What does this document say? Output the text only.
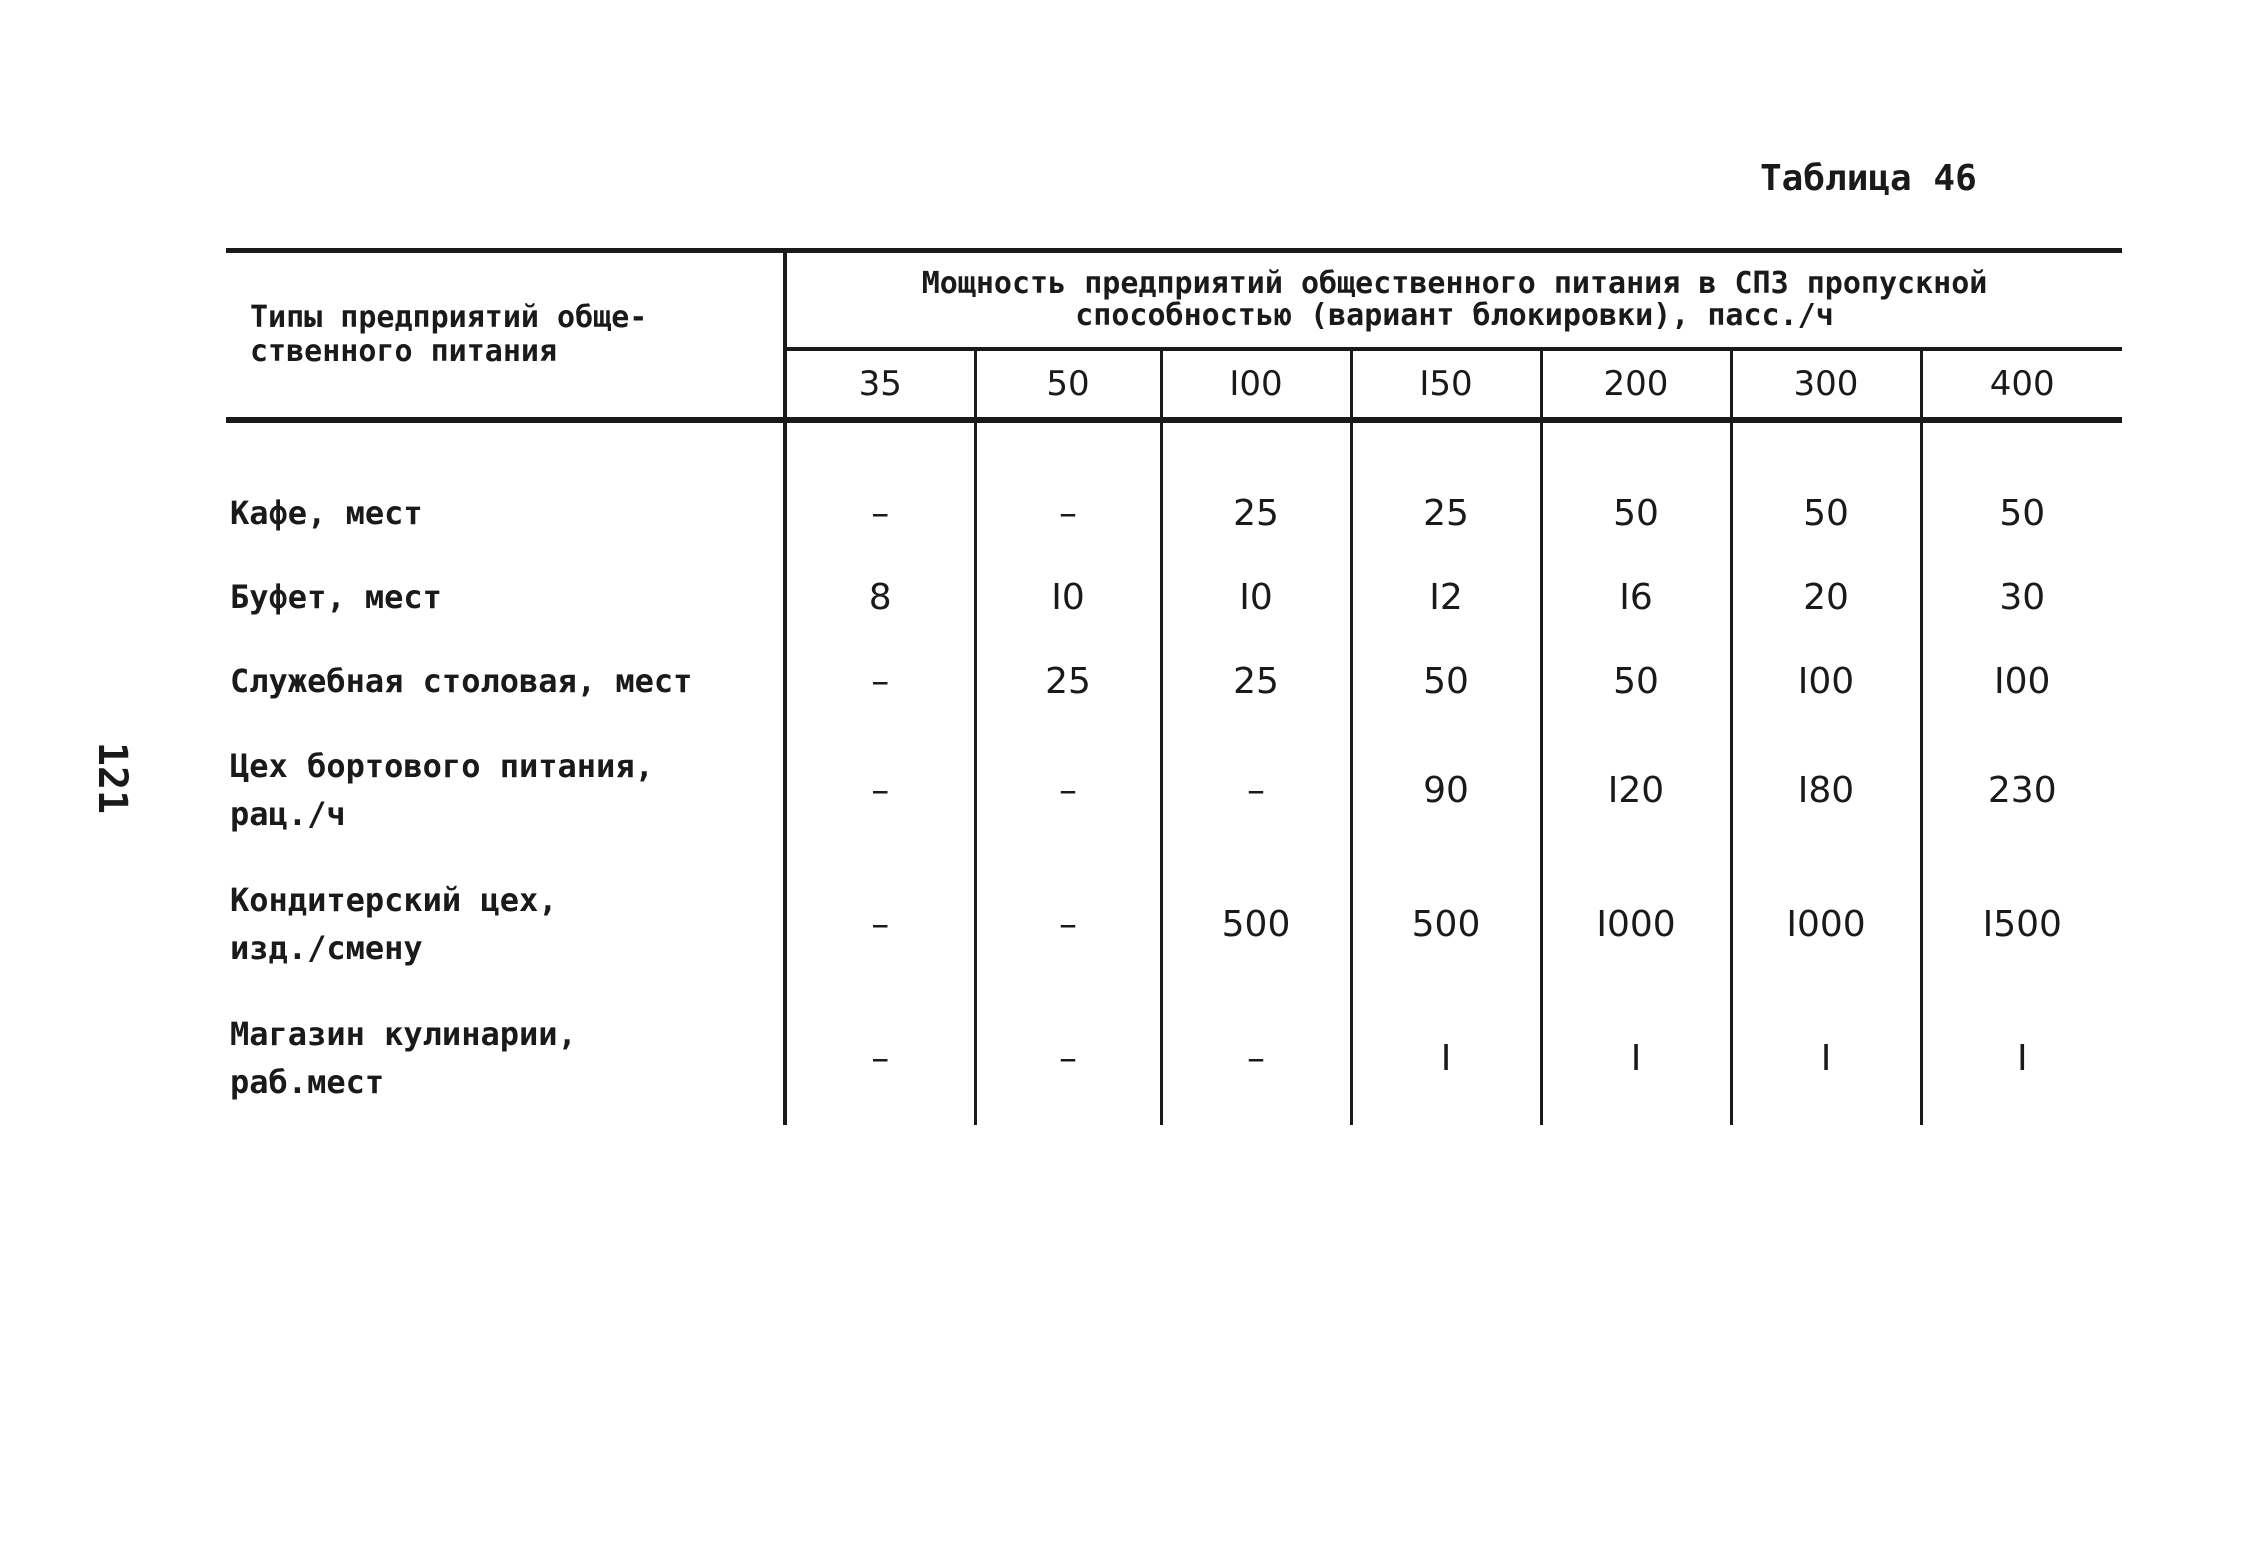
121
Таблица 46
Типы предприятий обще-
ственного питания	Мощность предприятий общественного питания в СПЗ пропускной
способностью (вариант блокировки), пасс./ч						

	35	50	I00	I50	200	300	400

Кафе, мест	–	–	25	25	50	50	50

Буфет, мест	8	I0	I0	I2	I6	20	30

Служебная столовая, мест	–	25	25	50	50	I00	I00

Цех бортового питания,
рац./ч	–	–	–	90	I20	I80	230

Кондитерский цех,
изд./смену	–	–	500	500	I000	I000	I500

Магазин кулинарии,
раб.мест	–	–	–	I	I	I	I
